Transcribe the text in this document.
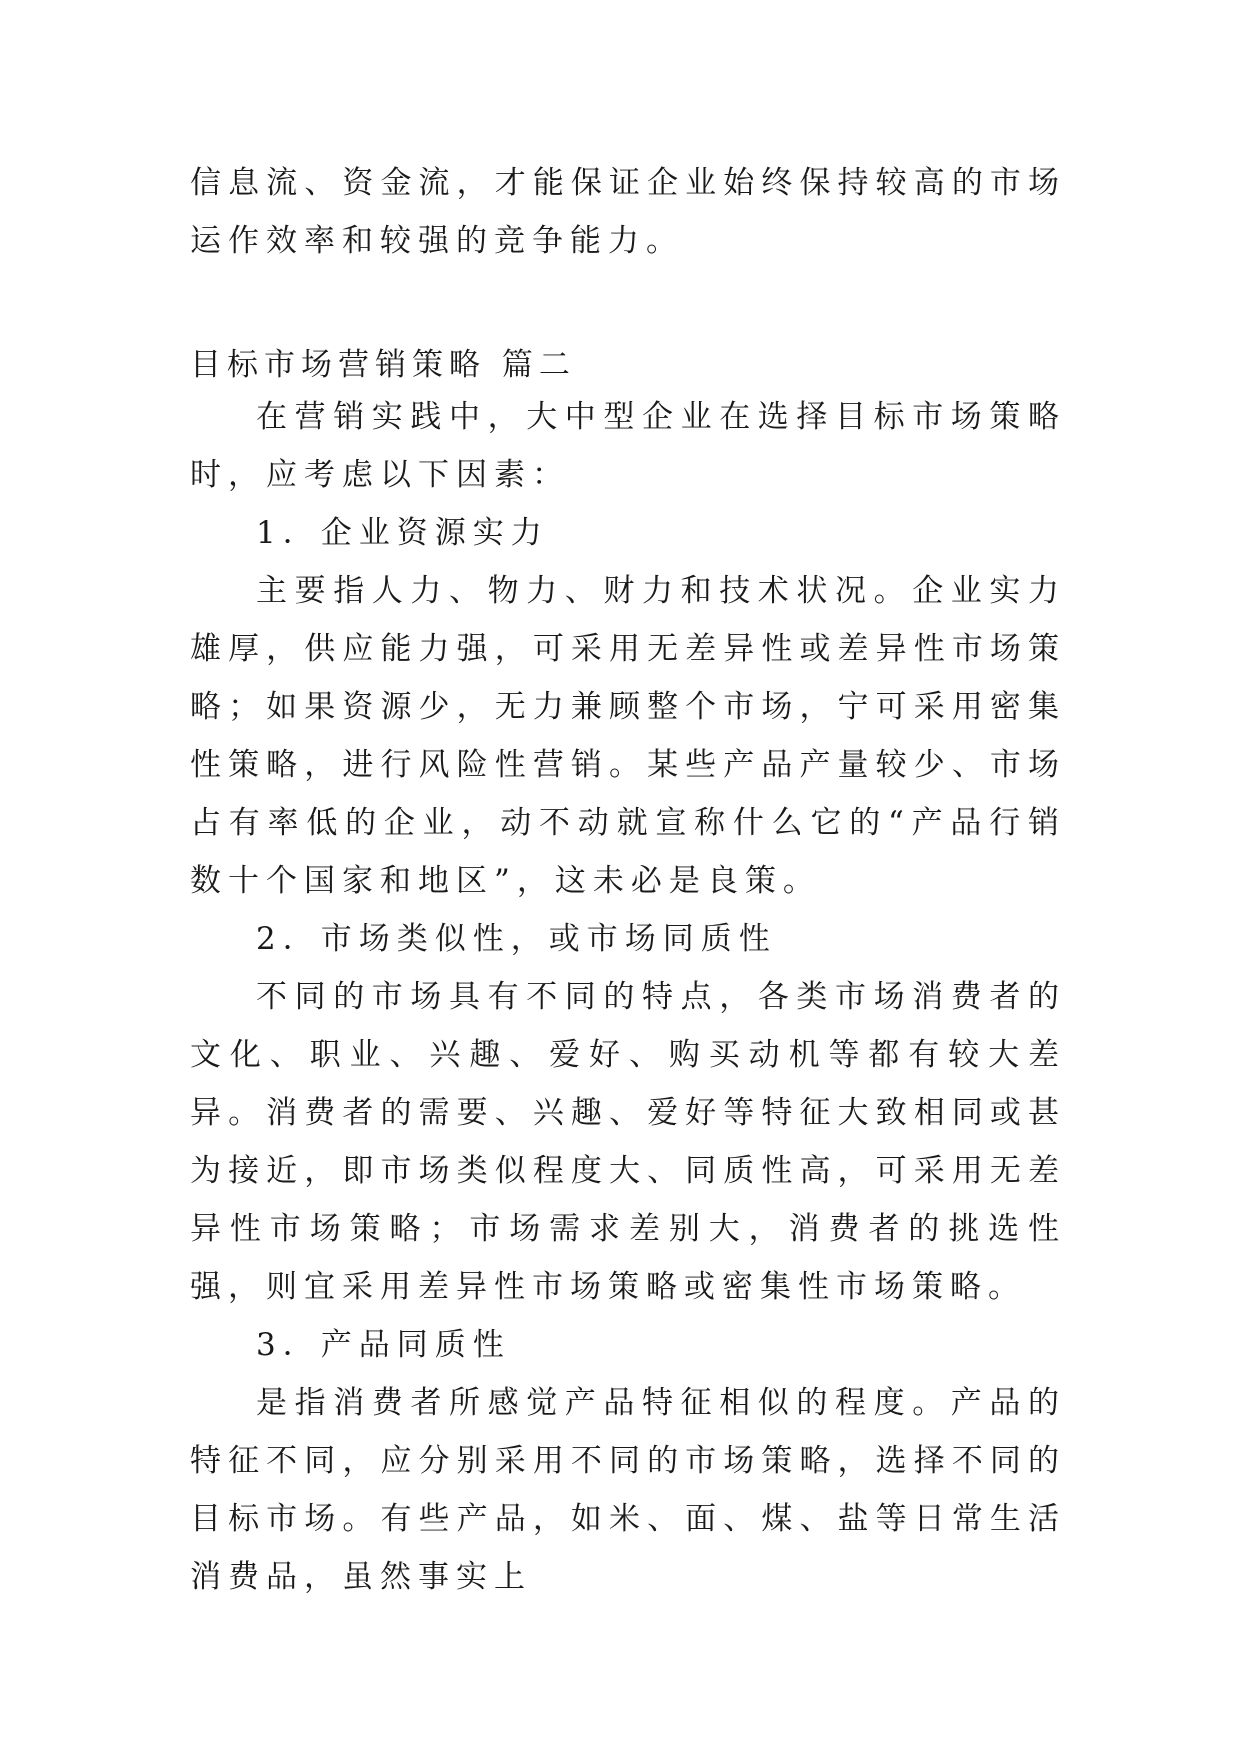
信息流、资金流，才能保证企业始终保持较高的市场运作效率和较强的竞争能力。

目标市场营销策略 篇二

在营销实践中，大中型企业在选择目标市场策略时，应考虑以下因素：

1．企业资源实力

主要指人力、物力、财力和技术状况。企业实力雄厚，供应能力强，可采用无差异性或差异性市场策略；如果资源少，无力兼顾整个市场，宁可采用密集性策略，进行风险性营销。某些产品产量较少、市场占有率低的企业，动不动就宣称什么它的“产品行销数十个国家和地区”，这未必是良策。

2．市场类似性，或市场同质性

不同的市场具有不同的特点，各类市场消费者的文化、职业、兴趣、爱好、购买动机等都有较大差异。消费者的需要、兴趣、爱好等特征大致相同或甚为接近，即市场类似程度大、同质性高，可采用无差异性市场策略；市场需求差别大，消费者的挑选性强，则宜采用差异性市场策略或密集性市场策略。

3．产品同质性

是指消费者所感觉产品特征相似的程度。产品的特征不同，应分别采用不同的市场策略，选择不同的目标市场。有些产品，如米、面、煤、盐等日常生活消费品，虽然事实上
